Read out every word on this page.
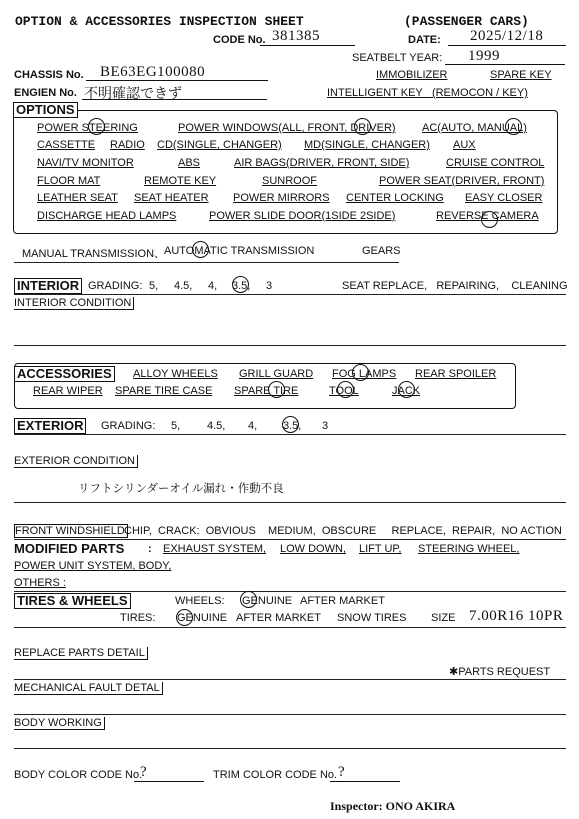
OPTION & ACCESSORIES INSPECTION SHEET	(PASSENGER CARS)
CODE No. 381385	DATE: 2025/12/18
SEATBELT YEAR: 1999
CHASSIS No. BE63EG100080	IMMOBILIZER	SPARE KEY
ENGIEN No. 不明確認できず	INTELLIGENT KEY   (REMOCON / KEY)
OPTIONS
POWER STEERING	POWER WINDOWS(ALL, FRONT, DRIVER) AC(AUTO, MANUAL)
CASSETTE RADIO CD(SINGLE, CHANGER) MD(SINGLE, CHANGER) AUX
NAVI/TV MONITOR	ABS	AIR BAGS(DRIVER, FRONT, SIDE)	CRUISE CONTROL
FLOOR MAT	REMOTE KEY	SUNROOF	POWER SEAT(DRIVER, FRONT)
LEATHER SEAT SEAT HEATER POWER MIRRORS CENTER LOCKING EASY CLOSER
DISCHARGE HEAD LAMPS	POWER SLIDE DOOR(1SIDE 2SIDE)	REVERSE CAMERA
MANUAL TRANSMISSION、
AUTOMATIC TRANSMISSION	GEARS
INTERIOR GRADING: 5, 4.5, 4, 3.5, 3	SEAT REPLACE,   REPAIRING,    CLEANING
INTERIOR CONDITION
ACCESSORIES ALLOY WHEELS GRILL GUARD FOG LAMPS REAR SPOILER
REAR WIPER SPARE TIRE CASE SPARE TIRE	TOOL	JACK
EXTERIOR GRADING: 5, 4.5, 4, 3.5, 3
EXTERIOR CONDITION
リフトシリンダーオイル漏れ・作動不良
FRONT WINDSHIELD CHIP,  CRACK:  OBVIOUS    MEDIUM,  OBSCURE     REPLACE,  REPAIR,  NO ACTION
MODIFIED PARTS : EXHAUST SYSTEM, LOW DOWN, LIFT UP, STEERING WHEEL,
POWER UNIT SYSTEM, BODY,
OTHERS :
TIRES & WHEELS	WHEELS: GENUINE AFTER MARKET
TIRES: GENUINE AFTER MARKET SNOW TIRES SIZE 7.00R16 10PR
REPLACE PARTS DETAIL
✱PARTS REQUEST
MECHANICAL FAULT DETAL
BODY WORKING
BODY COLOR CODE No.
?	TRIM COLOR CODE No. ?
Inspector: ONO AKIRA
